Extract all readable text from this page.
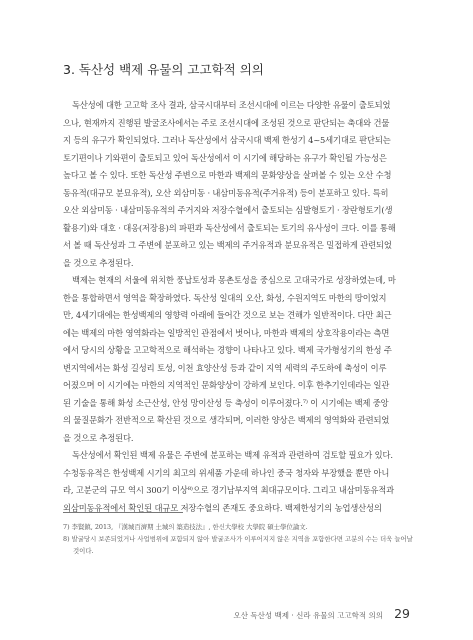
3. 독산성 백제 유물의 고고학적 의의
독산성에 대한 고고학 조사 결과, 삼국시대부터 조선시대에 이르는 다양한 유물이 출토되었
으나, 현재까지 진행된 발굴조사에서는 주로 조선시대에 조성된 것으로 판단되는 축대와 건물
지 등의 유구가 확인되었다. 그러나 독산성에서 삼국시대 백제 한성기 4~5세기대로 판단되는
토기편이나 기와편이 출토되고 있어 독산성에서 이 시기에 해당하는 유구가 확인될 가능성은
높다고 볼 수 있다. 또한 독산성 주변으로 마한과 백제의 문화양상을 살펴볼 수 있는 오산 수청
동유적(대규모 분묘유적), 오산 외삼미동 · 내삼미동유적(주거유적) 등이 분포하고 있다. 특히
오산 외삼미동 · 내삼미동유적의 주거지와 저장수혈에서 출토되는 심발형토기 · 장란형토기(생
활용기)와 대호 · 대옹(저장용)의 파편과 독산성에서 출토되는 토기의 유사성이 크다. 이를 통해
서 볼 때 독산성과 그 주변에 분포하고 있는 백제의 주거유적과 분묘유적은 밀접하게 관련되었
을 것으로 추정된다.
백제는 현재의 서울에 위치한 풍납토성과 몽촌토성을 중심으로 고대국가로 성장하였는데, 마
한을 통합하면서 영역을 확장하였다. 독산성 일대의 오산, 화성, 수원지역도 마한의 땅이었지
만, 4세기대에는 한성백제의 영향력 아래에 들어간 것으로 보는 견해가 일반적이다. 다만 최근
에는 백제의 마한 영역화라는 일방적인 관점에서 벗어나, 마한과 백제의 상호작용이라는 측면
에서 당시의 상황을 고고학적으로 해석하는 경향이 나타나고 있다. 백제 국가형성기의 한성 주
변지역에서는 화성 길성리 토성, 이천 효양산성 등과 같이 지역 세력의 주도하에 축성이 이루
어졌으며 이 시기에는 마한의 지역적인 문화양상이 강하게 보인다. 이후 한추기인데라는 일관
된 기술을 통해 화성 소근산성, 안성 망이산성 등 축성이 이루어졌다.⁷⁾ 이 시기에는 백제 중앙
의 물질문화가 전반적으로 확산된 것으로 생각되며, 이러한 양상은 백제의 영역화와 관련되었
을 것으로 추정된다.
독산성에서 확인된 백제 유물은 주변에 분포하는 백제 유적과 관련하여 검토할 필요가 있다.
수청동유적은 한성백제 시기의 최고의 위세품 가운데 하나인 중국 청자와 부장했을 뿐만 아니
라, 고분군의 규모 역시 300기 이상⁸⁾으로 경기남부지역 최대규모이다. 그리고 내삼미동유적과
외삼미동유적에서 확인된 대규모 저장수혈의 존재도 중요하다. 백제한성기의 농업생산성의
7) 李賢鎮, 2013, 『漢城百濟期 土城의 築造技法』, 한신大學校 大學院 碩士學位論文.
8) 발굴당시 보존되었거나 사업범위에 포함되지 않아 발굴조사가 이루어지지 않은 지역을 포함한다면 고분의 수는 더욱 늘어날
것이다.
오산 독산성 백제 · 신라 유물의 고고학적 의의 29
